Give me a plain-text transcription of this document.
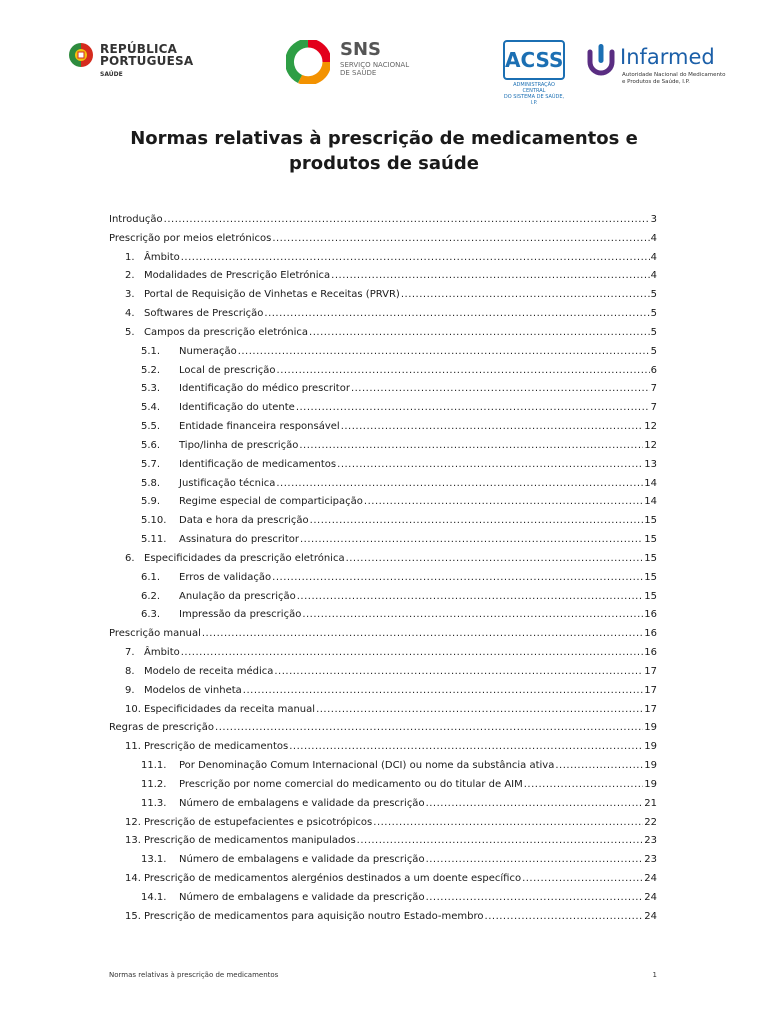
REPÚBLICA
PORTUGUESA
SAÚDE
SNS
SERVIÇO NACIONAL
DE SAÚDE
ACSS
ADMINISTRAÇÃO CENTRAL
DO SISTEMA DE SAÚDE, I.P.
Infarmed
Autoridade Nacional do Medicamento
e Produtos de Saúde, I.P.
Normas relativas à prescrição de medicamentos e
produtos de saúde
Introdução .....	3
Prescrição por meios eletrónicos .....	4
1. Âmbito .....	4
2. Modalidades de Prescrição Eletrónica .....	4
3. Portal de Requisição de Vinhetas e Receitas (PRVR) .....	5
4. Softwares de Prescrição .....	5
5. Campos da prescrição eletrónica .....	5
5.1.	Numeração .....	5
5.2.	Local de prescrição .....	6
5.3.	Identificação do médico prescritor .....	7
5.4.	Identificação do utente .....	7
5.5.	Entidade financeira responsável .....	12
5.6.	Tipo/linha de prescrição .....	12
5.7.	Identificação de medicamentos .....	13
5.8.	Justificação técnica .....	14
5.9.	Regime especial de comparticipação .....	14
5.10.	Data e hora da prescrição .....	15
5.11.	Assinatura do prescritor .....	15
6. Especificidades da prescrição eletrónica .....	15
6.1.	Erros de validação .....	15
6.2.	Anulação da prescrição .....	15
6.3.	Impressão da prescrição .....	16
Prescrição manual .....	16
7. Âmbito .....	16
8. Modelo de receita médica .....	17
9. Modelos de vinheta .....	17
10. Especificidades da receita manual .....	17
Regras de prescrição .....	19
11. Prescrição de medicamentos .....	19
11.1.	Por Denominação Comum Internacional (DCI) ou nome da substância ativa .....	19
11.2.	Prescrição por nome comercial do medicamento ou do titular de AIM .....	19
11.3.	Número de embalagens e validade da prescrição .....	21
12. Prescrição de estupefacientes e psicotrópicos .....	22
13. Prescrição de medicamentos manipulados .....	23
13.1.	Número de embalagens e validade da prescrição .....	23
14. Prescrição de medicamentos alergénios destinados a um doente específico .....	24
14.1.	Número de embalagens e validade da prescrição .....	24
15. Prescrição de medicamentos para aquisição noutro Estado-membro .....	24
Normas relativas à prescrição de medicamentos	1
